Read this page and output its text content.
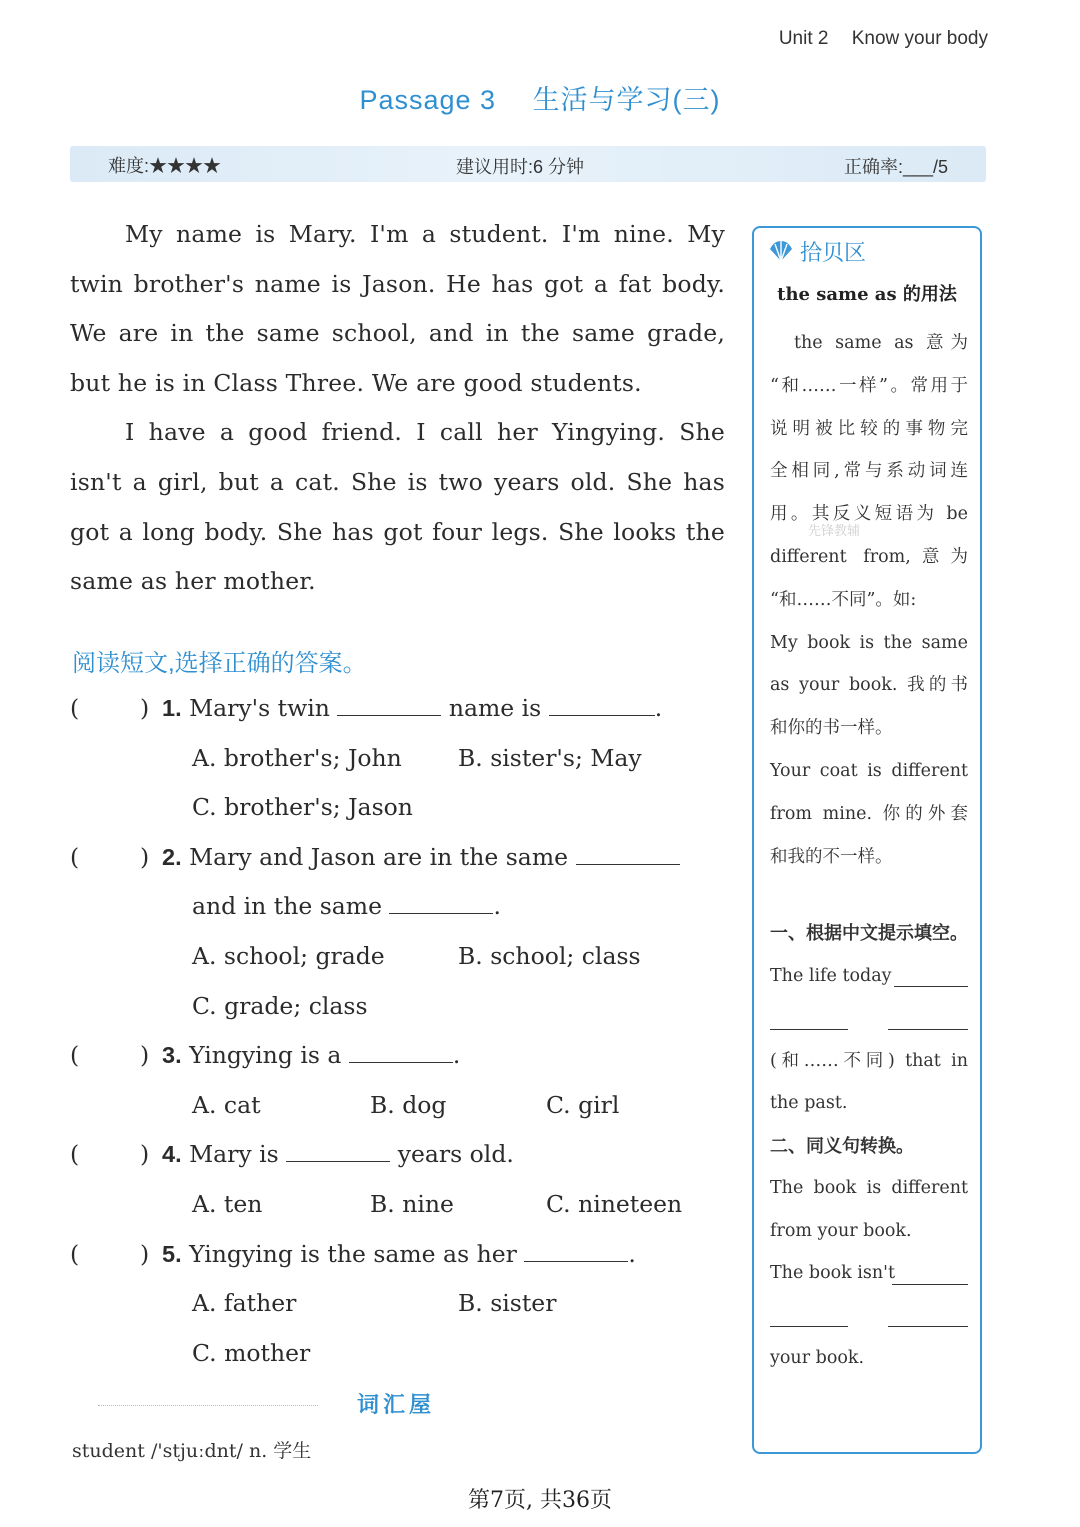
Unit 2 Know your body
Passage 3 生活与学习(三)
难度:★★★★	建议用时:6 分钟	正确率:___/5

My name is Mary. I'm a student. I'm nine. My twin brother's name is Jason. He has got a fat body. We are in the same school, and in the same grade, but he is in Class Three. We are good students.

I have a good friend. I call her Yingying. She isn't a girl, but a cat. She is two years old. She has got a long body. She has got four legs. She looks the same as her mother.

阅读短文,选择正确的答案。
(	) 1. Mary's twin	name is	.
A. brother's; John B. sister's; May
C. brother's; Jason
(	) 2. Mary and Jason are in the same
and in the same	.
A. school; grade	B. school; class
C. grade; class
(	) 3. Yingying is a	.
A. cat	B. dog	C. girl
(	) 4. Mary is	years old.
A. ten	B. nine	C. nineteen
(	) 5. Yingying is the same as her	.
A. father	B. sister
C. mother
词汇屋
student /'stjuːdnt/ n. 学生
拾贝区
the same as 的用法
the same as 意为
“和……一样”。常用于
说明被比较的事物完
全相同,常与系动词连
用。其反义短语为 be
different from,意为
“和……不同”。如:
My book is the same
as your book. 我的书
和你的书一样。
Your coat is different
from mine. 你的外套
和我的不一样。
一、根据中文提示填空。
The life today
(和……不同) that in
the past.
二、同义句转换。
The book is different
from your book.
The book isn't
your book.
先锋教辅
第7页, 共36页
